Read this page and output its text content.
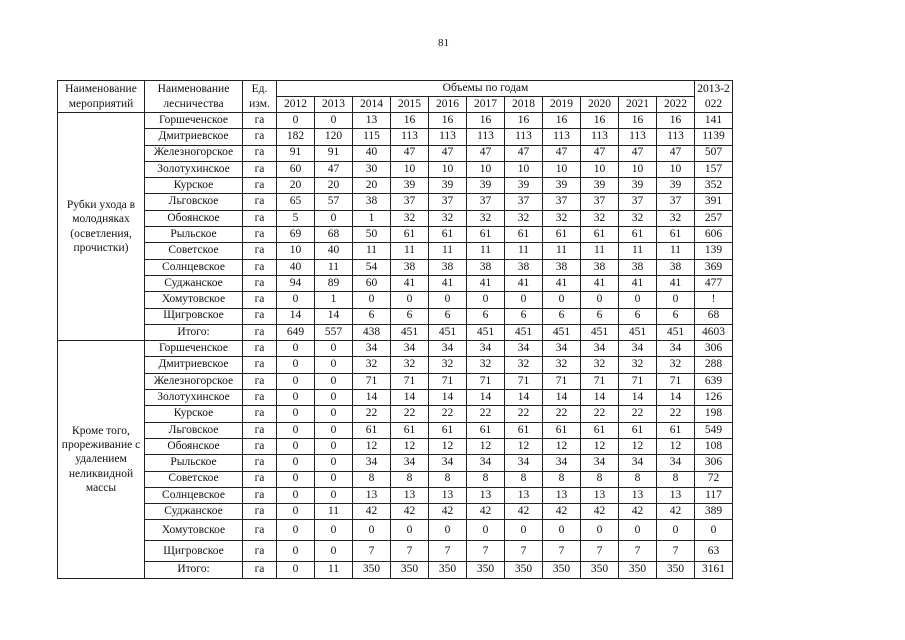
81
Наименование мероприятий	Наименование лесничества	Ед. изм.	Объемы по годам											2013-2022
			2012	2013	2014	2015	2016	2017	2018	2019	2020	2021	2022	
Рубки ухода в молодняках (осветления, прочистки)	Горшеченское	га	0	0	13	16	16	16	16	16	16	16	16	141
	Дмитриевское	га	182	120	115	113	113	113	113	113	113	113	113	1139
	Железногорское	га	91	91	40	47	47	47	47	47	47	47	47	507
	Золотухинское	га	60	47	30	10	10	10	10	10	10	10	10	157
	Курское	га	20	20	20	39	39	39	39	39	39	39	39	352
	Льговское	га	65	57	38	37	37	37	37	37	37	37	37	391
	Обоянское	га	5	0	1	32	32	32	32	32	32	32	32	257
	Рыльское	га	69	68	50	61	61	61	61	61	61	61	61	606
	Советское	га	10	40	11	11	11	11	11	11	11	11	11	139
	Солнцевское	га	40	11	54	38	38	38	38	38	38	38	38	369
	Суджанское	га	94	89	60	41	41	41	41	41	41	41	41	477
	Хомутовское	га	0	1	0	0	0	0	0	0	0	0	0	!
	Щигровское	га	14	14	6	6	6	6	6	6	6	6	6	68
	Итого:	га	649	557	438	451	451	451	451	451	451	451	451	4603
Кроме того, прореживание с удалением неликвидной массы	Горшеченское	га	0	0	34	34	34	34	34	34	34	34	34	306
	Дмитриевское	га	0	0	32	32	32	32	32	32	32	32	32	288
	Железногорское	га	0	0	71	71	71	71	71	71	71	71	71	639
	Золотухинское	га	0	0	14	14	14	14	14	14	14	14	14	126
	Курское	га	0	0	22	22	22	22	22	22	22	22	22	198
	Льговское	га	0	0	61	61	61	61	61	61	61	61	61	549
	Обоянское	га	0	0	12	12	12	12	12	12	12	12	12	108
	Рыльское	га	0	0	34	34	34	34	34	34	34	34	34	306
	Советское	га	0	0	8	8	8	8	8	8	8	8	8	72
	Солнцевское	га	0	0	13	13	13	13	13	13	13	13	13	117
	Суджанское	га	0	11	42	42	42	42	42	42	42	42	42	389
	Хомутовское	га	0	0	0	0	0	0	0	0	0	0	0	0
	Щигровское	га	0	0	7	7	7	7	7	7	7	7	7	63
	Итого:	га	0	11	350	350	350	350	350	350	350	350	350	3161
.
